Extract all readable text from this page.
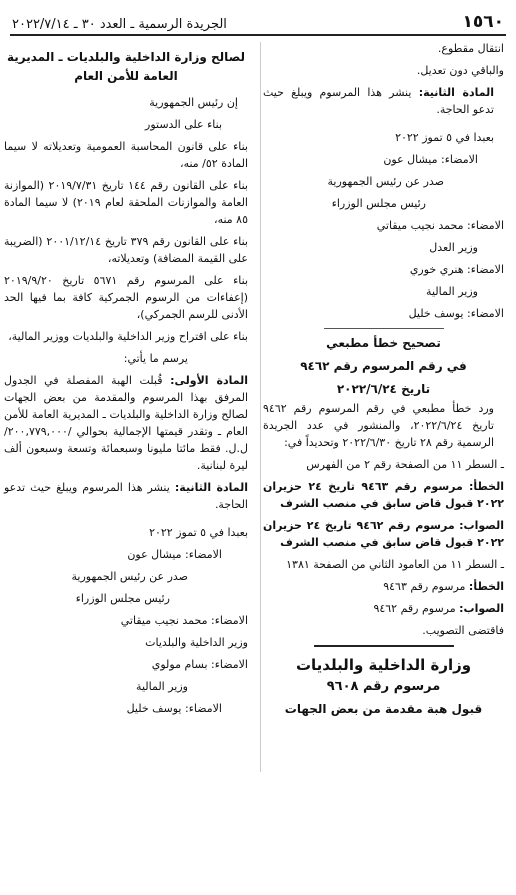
١٥٦٠
الجريدة الرسمية ـ العدد ٣٠ ـ ٢٠٢٢/٧/١٤

انتقال مقطوع.

والباقي دون تعديل.

المادة الثانية: ينشر هذا المرسوم ويبلغ حيث تدعو الحاجة.

بعبدا في ٥ تموز ٢٠٢٢

الامضاء: ميشال عون

صدر عن رئيس الجمهورية

رئيس مجلس الوزراء

الامضاء: محمد نجيب ميقاتي

وزير العدل

الامضاء: هنري خوري

وزير المالية

الامضاء: يوسف خليل

تصحيح خطأ مطبعي
في رقم المرسوم رقم ٩٤٦٢
تاريخ ٢٠٢٢/٦/٢٤

ورد خطأ مطبعي في رقم المرسوم رقم ٩٤٦٢ تاريخ ٢٠٢٢/٦/٢٤، والمنشور في عدد الجريدة الرسمية رقم ٢٨ تاريخ ٢٠٢٢/٦/٣٠ وتحديداً في:

ـ السطر ١١ من الصفحة رقم ٢ من الفهرس

الخطأ: مرسوم رقم ٩٤٦٣ تاريخ ٢٤ حزيران ٢٠٢٢ قبول قاض سابق في منصب الشرف

الصواب: مرسوم رقم ٩٤٦٢ تاريخ ٢٤ حزيران ٢٠٢٢ قبول قاض سابق في منصب الشرف

ـ السطر ١١ من العامود الثاني من الصفحة ١٣٨١

الخطأ: مرسوم رقم ٩٤٦٣

الصواب: مرسوم رقم ٩٤٦٢

فاقتضى التصويب.

وزارة الداخلية والبلديات
مرسوم رقم ٩٦٠٨
قبول هبة مقدمة من بعض الجهات
لصالح وزارة الداخلية والبلديات ـ المديرية العامة للأمن العام

إن رئيس الجمهورية

بناء على الدستور

بناء على قانون المحاسبة العمومية وتعديلاته لا سيما المادة ٥٢/ منه،

بناء على القانون رقم ١٤٤ تاريخ ٢٠١٩/٧/٣١ (الموازنة العامة والموازنات الملحقة لعام ٢٠١٩) لا سيما المادة ٨٥ منه،

بناء على القانون رقم ٣٧٩ تاريخ ٢٠٠١/١٢/١٤ (الضريبة على القيمة المضافة) وتعديلاته،

بناء على المرسوم رقم ٥٦٧١ تاريخ ٢٠١٩/٩/٢٠ (إعفاءات من الرسوم الجمركية كافة بما فيها الحد الأدنى للرسم الجمركي)،

بناء على اقتراح وزير الداخلية والبلديات ووزير المالية،

يرسم ما يأتي:

المادة الأولى: قُبلت الهبة المفصلة في الجدول المرفق بهذا المرسوم والمقدمة من بعض الجهات لصالح وزارة الداخلية والبلديات ـ المديرية العامة للأمن العام ـ وتقدر قيمتها الإجمالية بحوالي /٢٠٠,٧٧٩,٠٠٠/ ل.ل. فقط مائتا مليونا وسبعمائة وتسعة وسبعون ألف ليرة لبنانية.

المادة الثانية: ينشر هذا المرسوم ويبلغ حيث تدعو الحاجة.

بعبدا في ٥ تموز ٢٠٢٢

الامضاء: ميشال عون

صدر عن رئيس الجمهورية

رئيس مجلس الوزراء

الامضاء: محمد نجيب ميقاتي

وزير الداخلية والبلديات

الامضاء: بسام مولوي

وزير المالية

الامضاء: يوسف خليل
